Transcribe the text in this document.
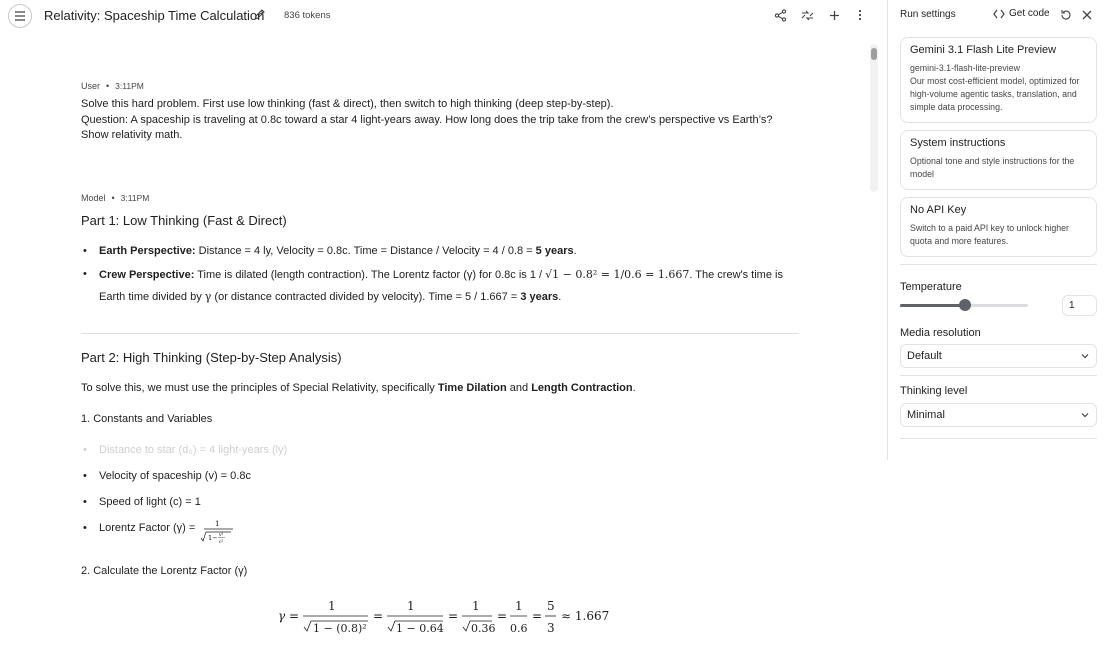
Relativity: Spaceship Time Calculation 836 tokens
User • 3:11PM
Solve this hard problem. First use low thinking (fast & direct), then switch to high thinking (deep step-by-step).
Question: A spaceship is traveling at 0.8c toward a star 4 light-years away. How long does the trip take from the crew’s perspective vs Earth’s?
Show relativity math.
Model • 3:11PM
Part 1: Low Thinking (Fast & Direct)
• Earth Perspective: Distance = 4 ly, Velocity = 0.8c. Time = Distance / Velocity = 4 / 0.8 = 5 years.
• Crew Perspective: Time is dilated (length contraction). The Lorentz factor (γ) for 0.8c is 1 / √1 − 0.8² = 1/0.6 = 1.667. The crew's time is
Earth time divided by γ (or distance contracted divided by velocity). Time = 5 / 1.667 = 3 years.
Part 2: High Thinking (Step-by-Step Analysis)
To solve this, we must use the principles of Special Relativity, specifically Time Dilation and Length Contraction.
1. Constants and Variables
• Distance to star (d₀) = 4 light-years (ly)
• Velocity of spaceship (v) = 0.8c
• Speed of light (c) = 1
• Lorentz Factor (γ) =	1
1− v²
c²
2. Calculate the Lorentz Factor (γ)
γ =
1
1 − (0.8)²
=
1
1 − 0.64
=
1
0.36
=
1
0.6
=
5
3
≈ 1.667
Run settings	Get code
Gemini 3.1 Flash Lite Preview
gemini-3.1-flash-lite-preview
Our most cost-efficient model, optimized for high-volume agentic tasks, translation, and simple data processing.
System instructions
Optional tone and style instructions for the model
No API Key
Switch to a paid API key to unlock higher quota and more features.
Temperature
1
Media resolution
Default
Thinking level
Minimal
